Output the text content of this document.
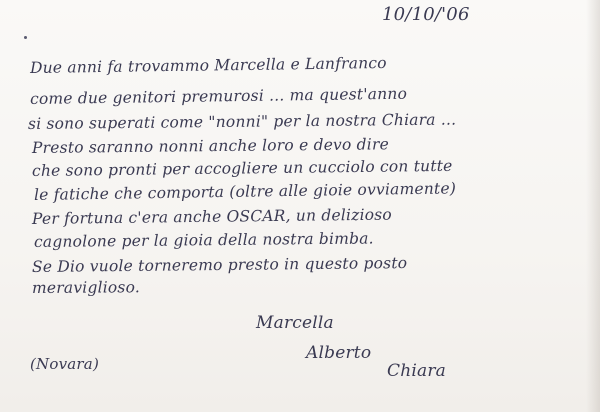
10/10/'06
Due anni fa trovammo Marcella e Lanfranco
come due genitori premurosi ... ma quest'anno
si sono superati come "nonni" per la nostra Chiara ...
Presto saranno nonni anche loro e devo dire
che sono pronti per accogliere un cucciolo con tutte
le fatiche che comporta (oltre alle gioie ovviamente)
Per fortuna c'era anche OSCAR, un delizioso
cagnolone per la gioia della nostra bimba.
Se Dio vuole torneremo presto in questo posto
meraviglioso.
Marcella
Alberto
Chiara
(Novara)
